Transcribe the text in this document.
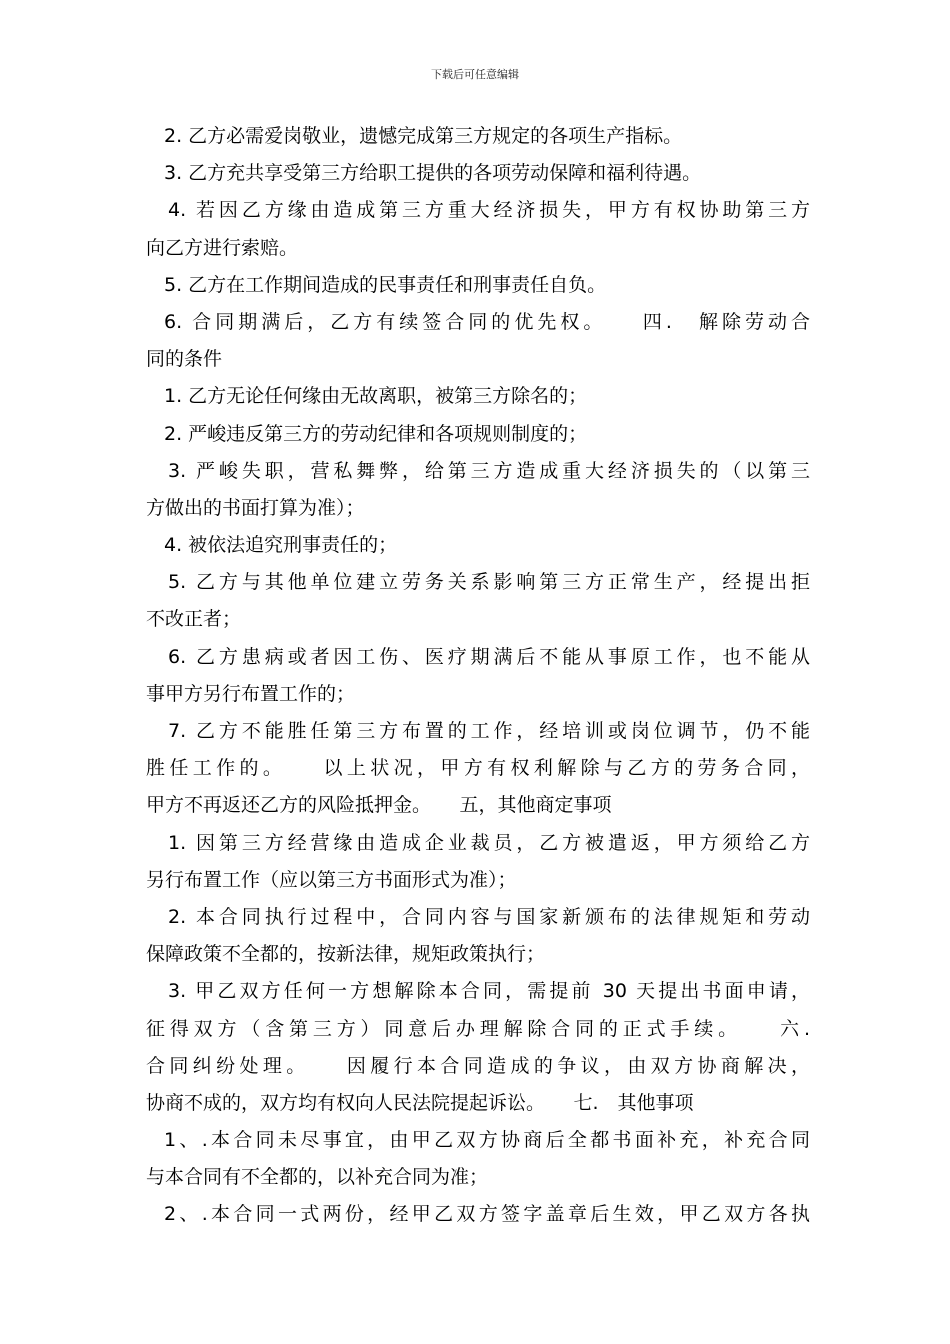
下载后可任意编辑
2. 乙方必需爱岗敬业，遗憾完成第三方规定的各项生产指标。
3. 乙方充共享受第三方给职工提供的各项劳动保障和福利待遇。
4. 若因乙方缘由造成第三方重大经济损失，甲方有权协助第三方
向乙方进行索赔。
5. 乙方在工作期间造成的民事责任和刑事责任自负。
6. 合同期满后，乙方有续签合同的优先权。　　四.　解除劳动合
同的条件
1. 乙方无论任何缘由无故离职，被第三方除名的；
2. 严峻违反第三方的劳动纪律和各项规则制度的；
3. 严峻失职，营私舞弊，给第三方造成重大经济损失的（以第三
方做出的书面打算为准）；
4. 被依法追究刑事责任的；
5. 乙方与其他单位建立劳务关系影响第三方正常生产，经提出拒
不改正者；
6. 乙方患病或者因工伤、医疗期满后不能从事原工作，也不能从
事甲方另行布置工作的；
7. 乙方不能胜任第三方布置的工作，经培训或岗位调节，仍不能
胜任工作的。　　以上状况，甲方有权利解除与乙方的劳务合同，
甲方不再返还乙方的风险抵押金。　　五，其他商定事项
1. 因第三方经营缘由造成企业裁员，乙方被遣返，甲方须给乙方
另行布置工作（应以第三方书面形式为准）；
2. 本合同执行过程中，合同内容与国家新颁布的法律规矩和劳动
保障政策不全都的，按新法律，规矩政策执行；
3. 甲乙双方任何一方想解除本合同，需提前 30 天提出书面申请，
征得双方（含第三方）同意后办理解除合同的正式手续。　　六.
合同纠纷处理。　　因履行本合同造成的争议，由双方协商解决，
协商不成的，双方均有权向人民法院提起诉讼。　　七.　其他事项
1、.本合同未尽事宜，由甲乙双方协商后全都书面补充，补充合同
与本合同有不全都的，以补充合同为准；
2、.本合同一式两份，经甲乙双方签字盖章后生效，甲乙双方各执
